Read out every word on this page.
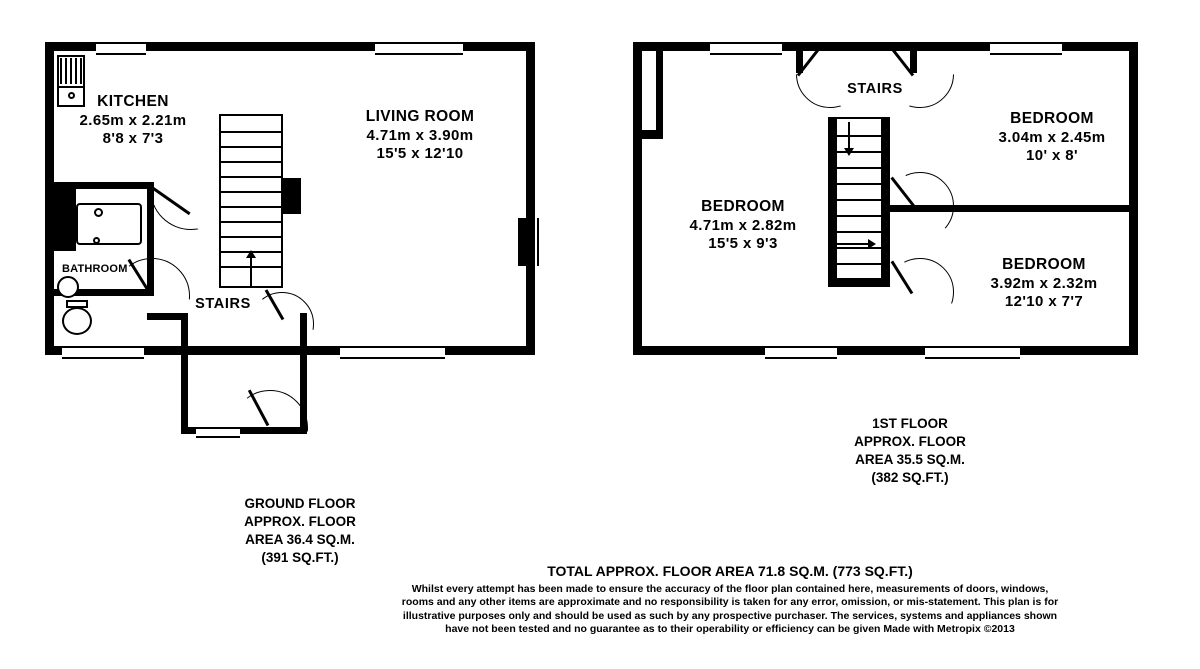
KITCHEN
2.65m x 2.21m
8'8 x 7'3
LIVING ROOM
4.71m x 3.90m
15'5 x 12'10
BATHROOM
STAIRS
GROUND FLOOR
APPROX. FLOOR
AREA 36.4 SQ.M.
(391 SQ.FT.)
STAIRS
BEDROOM
4.71m x 2.82m
15'5 x 9'3
BEDROOM
3.04m x 2.45m
10' x 8'
BEDROOM
3.92m x 2.32m
12'10 x 7'7
1ST FLOOR
APPROX. FLOOR
AREA 35.5 SQ.M.
(382 SQ.FT.)
TOTAL APPROX. FLOOR AREA 71.8 SQ.M. (773 SQ.FT.)
Whilst every attempt has been made to ensure the accuracy of the floor plan contained here, measurements of doors, windows, rooms and any other items are approximate and no responsibility is taken for any error, omission, or mis-statement. This plan is for illustrative purposes only and should be used as such by any prospective purchaser. The services, systems and appliances shown have not been tested and no guarantee as to their operability or efficiency can be given Made with Metropix ©2013
